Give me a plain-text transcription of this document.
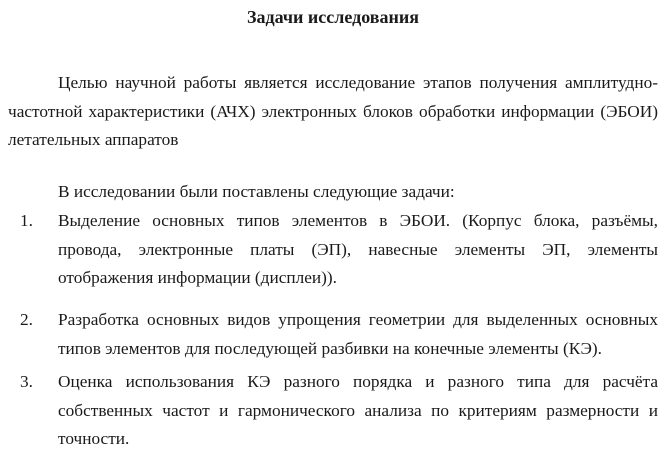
Задачи исследования

Целью научной работы является исследование этапов получения амплитудно-частотной характеристики (АЧХ) электронных блоков обработки информации (ЭБОИ) летательных аппаратов

В исследовании были поставлены следующие задачи:

1. Выделение основных типов элементов в ЭБОИ. (Корпус блока, разъёмы, провода, электронные платы (ЭП), навесные элементы ЭП, элементы отображения информации (дисплеи)).

2. Разработка основных видов упрощения геометрии для выделенных основных типов элементов для последующей разбивки на конечные элементы (КЭ).

3. Оценка использования КЭ разного порядка и разного типа для расчёта собственных частот и гармонического анализа по критериям размерности и точности.
